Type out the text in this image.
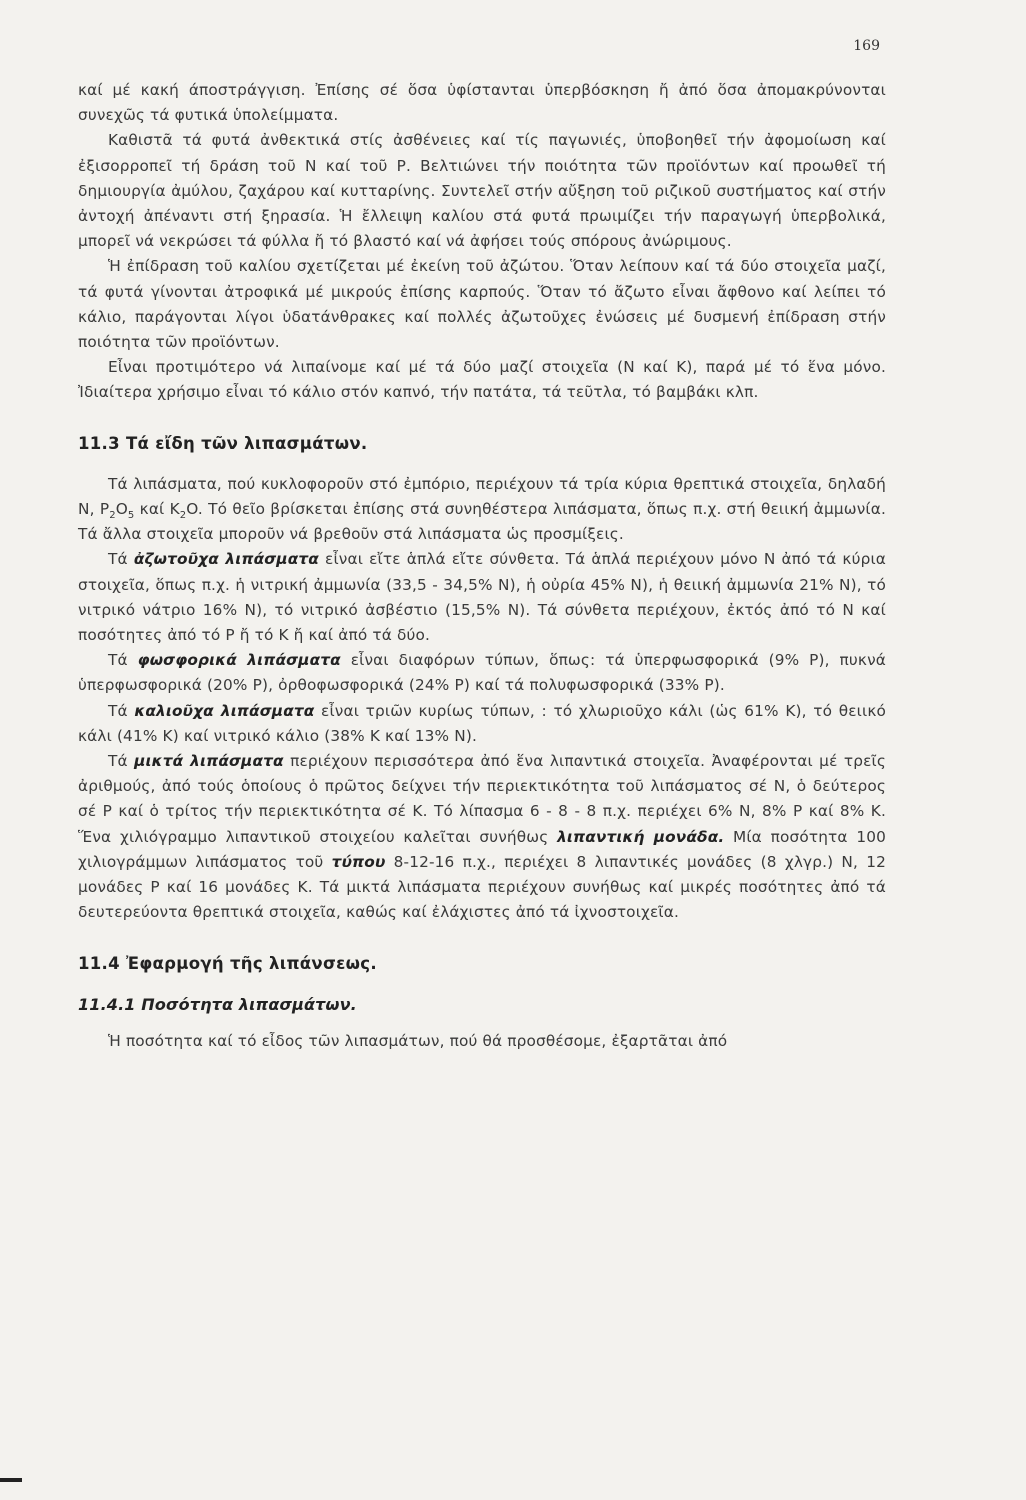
169

καί μέ κακή άποστράγγιση. Ἐπίσης σέ ὅσα ὑφίστανται ὑπερβόσκηση ἤ ἀπό ὅσα ἀπομακρύνονται συνεχῶς τά φυτικά ὑπολείμματα.

Καθιστᾶ τά φυτά ἀνθεκτικά στίς ἀσθένειες καί τίς παγωνιές, ὑποβοηθεῖ τήν ἀφομοίωση καί ἐξισορροπεῖ τή δράση τοῦ Ν καί τοῦ Ρ. Βελτιώνει τήν ποιότητα τῶν προϊόντων καί προωθεῖ τή δημιουργία ἀμύλου, ζαχάρου καί κυτταρίνης. Συντελεῖ στήν αὔξηση τοῦ ριζικοῦ συστήματος καί στήν ἀντοχή ἀπέναντι στή ξηρασία. Ἡ ἔλλειψη καλίου στά φυτά πρωιμίζει τήν παραγωγή ὑπερβολικά, μπορεῖ νά νεκρώσει τά φύλλα ἤ τό βλαστό καί νά ἀφήσει τούς σπόρους ἀνώριμους.

Ἡ ἐπίδραση τοῦ καλίου σχετίζεται μέ ἐκείνη τοῦ ἀζώτου. Ὅταν λείπουν καί τά δύο στοιχεῖα μαζί, τά φυτά γίνονται ἀτροφικά μέ μικρούς ἐπίσης καρπούς. Ὅταν τό ἄζωτο εἶναι ἄφθονο καί λείπει τό κάλιο, παράγονται λίγοι ὑδατάνθρακες καί πολλές ἀζωτοῦχες ἐνώσεις μέ δυσμενή ἐπίδραση στήν ποιότητα τῶν προϊόντων.

Εἶναι προτιμότερο νά λιπαίνομε καί μέ τά δύο μαζί στοιχεῖα (Ν καί Κ), παρά μέ τό ἕνα μόνο. Ἰδιαίτερα χρήσιμο εἶναι τό κάλιο στόν καπνό, τήν πατάτα, τά τεῦτλα, τό βαμβάκι κλπ.

11.3 Τά εἴδη τῶν λιπασμάτων.

Τά λιπάσματα, πού κυκλοφοροῦν στό ἐμπόριο, περιέχουν τά τρία κύρια θρεπτικά στοιχεῖα, δηλαδή Ν, $P_2O_5$ καί $K_2O$. Τό θεῖο βρίσκεται ἐπίσης στά συνηθέστερα λιπάσματα, ὅπως π.χ. στή θειική ἀμμωνία. Τά ἄλλα στοιχεῖα μποροῦν νά βρεθοῦν στά λιπάσματα ὡς προσμίξεις.

Τά ἀζωτοῦχα λιπάσματα εἶναι εἴτε ἁπλά εἴτε σύνθετα. Τά ἁπλά περιέχουν μόνο Ν ἀπό τά κύρια στοιχεῖα, ὅπως π.χ. ἡ νιτρική ἀμμωνία (33,5 - 34,5% Ν), ἡ οὐρία 45% Ν), ἡ θειική ἀμμωνία 21% Ν), τό νιτρικό νάτριο 16% Ν), τό νιτρικό ἀσβέστιο (15,5% Ν). Τά σύνθετα περιέχουν, ἐκτός ἀπό τό Ν καί ποσότητες ἀπό τό Ρ ἤ τό Κ ἤ καί ἀπό τά δύο.

Τά φωσφορικά λιπάσματα εἶναι διαφόρων τύπων, ὅπως: τά ὑπερφωσφορικά (9% Ρ), πυκνά ὑπερφωσφορικά (20% Ρ), ὀρθοφωσφορικά (24% Ρ) καί τά πολυφωσφορικά (33% Ρ).

Τά καλιοῦχα λιπάσματα εἶναι τριῶν κυρίως τύπων, : τό χλωριοῦχο κάλι (ὡς 61% Κ), τό θειικό κάλι (41% Κ) καί νιτρικό κάλιο (38% Κ καί 13% Ν).

Τά μικτά λιπάσματα περιέχουν περισσότερα ἀπό ἕνα λιπαντικά στοιχεῖα. Ἀναφέρονται μέ τρεῖς ἀριθμούς, ἀπό τούς ὁποίους ὁ πρῶτος δείχνει τήν περιεκτικότητα τοῦ λιπάσματος σέ Ν, ὁ δεύτερος σέ Ρ καί ὁ τρίτος τήν περιεκτικότητα σέ Κ. Τό λίπασμα 6 - 8 - 8 π.χ. περιέχει 6% Ν, 8% Ρ καί 8% Κ. Ἕνα χιλιόγραμμο λιπαντικοῦ στοιχείου καλεῖται συνήθως λιπαντική μονάδα. Μία ποσότητα 100 χιλιογράμμων λιπάσματος τοῦ τύπου 8-12-16 π.χ., περιέχει 8 λιπαντικές μονάδες (8 χλγρ.) Ν, 12 μονάδες Ρ καί 16 μονάδες Κ. Τά μικτά λιπάσματα περιέχουν συνήθως καί μικρές ποσότητες ἀπό τά δευτερεύοντα θρεπτικά στοιχεῖα, καθώς καί ἐλάχιστες ἀπό τά ἰχνοστοιχεῖα.

11.4 Ἐφαρμογή τῆς λιπάνσεως.
11.4.1 Ποσότητα λιπασμάτων.

Ἡ ποσότητα καί τό εἶδος τῶν λιπασμάτων, πού θά προσθέσομε, ἐξαρτᾶται ἀπό
